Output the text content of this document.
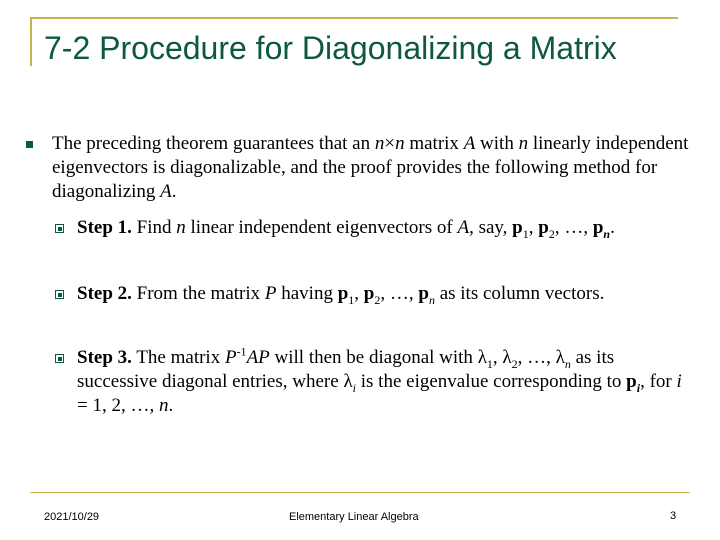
7-2 Procedure for Diagonalizing a Matrix
The preceding theorem guarantees that an n×n matrix A with n linearly independent eigenvectors is diagonalizable, and the proof provides the following method for diagonalizing A.
Step 1. Find n linear independent eigenvectors of A, say, $p_1$, $p_2$, …, $p_n$.
Step 2. From the matrix P having $p_1$, $p_2$, …, $p_n$ as its column vectors.
Step 3. The matrix $P^{-1}AP$ will then be diagonal with $\lambda_1$, $\lambda_2$, …, $\lambda_n$ as its successive diagonal entries, where $\lambda_i$ is the eigenvalue corresponding to $p_i$, for i = 1, 2, …, n.
2021/10/29	Elementary Linear Algebra	3
